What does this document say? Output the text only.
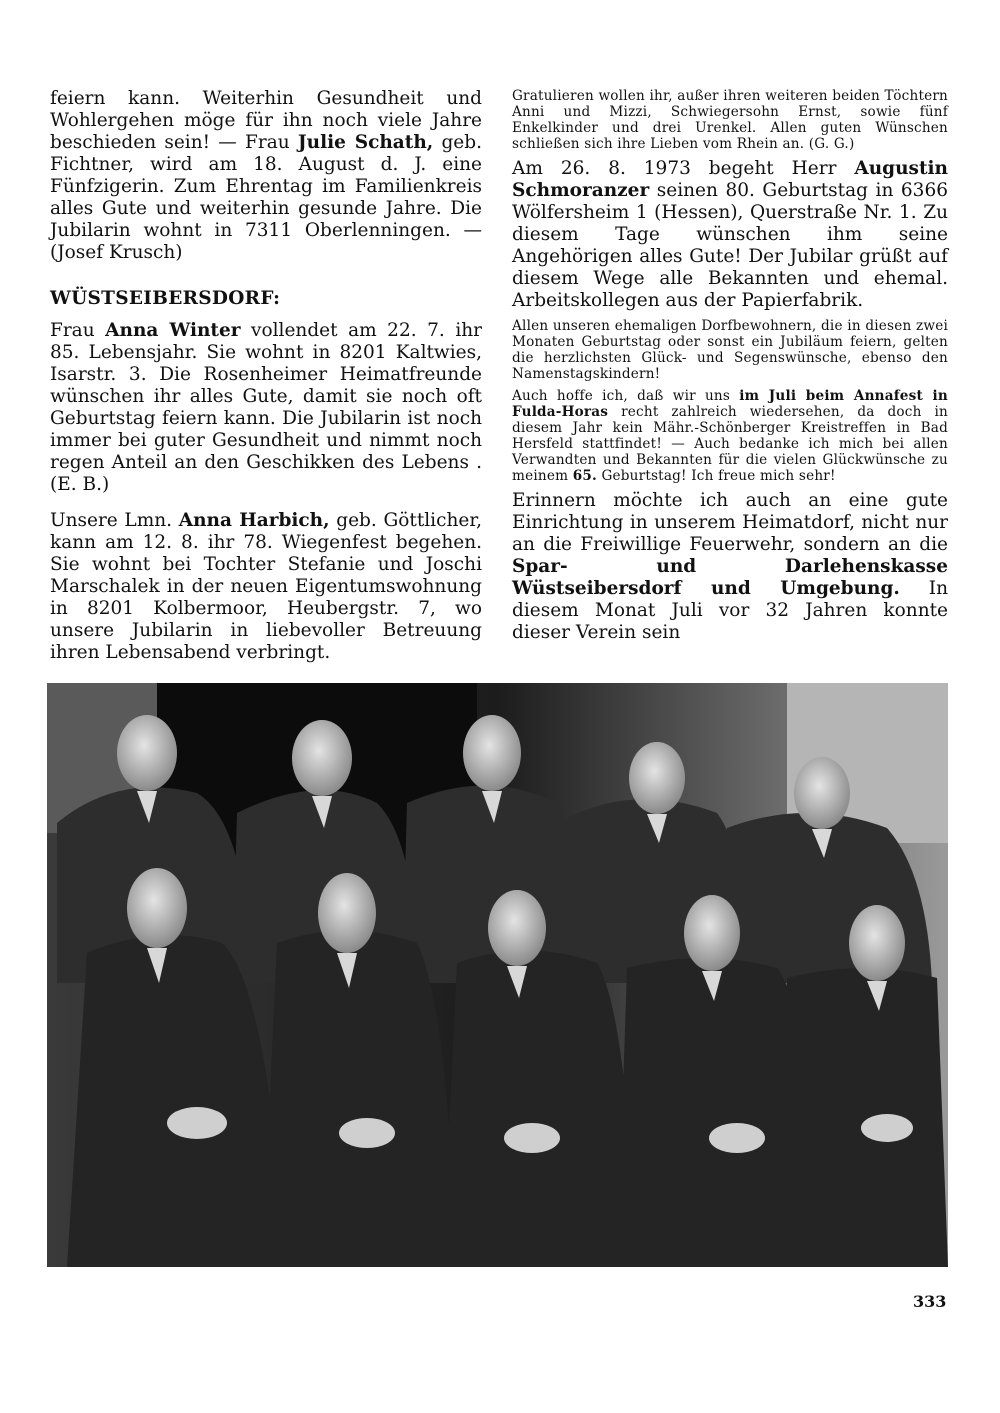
feiern kann. Weiterhin Gesundheit und Wohlergehen möge für ihn noch viele Jahre beschieden sein! — Frau Julie Schath, geb. Fichtner, wird am 18. August d. J. eine Fünfzigerin. Zum Ehrentag im Familienkreis alles Gute und weiterhin gesunde Jahre. Die Jubilarin wohnt in 7311 Oberlenningen. — (Josef Krusch)

WÜSTSEIBERSDORF:

Frau Anna Winter vollendet am 22. 7. ihr 85. Lebensjahr. Sie wohnt in 8201 Kaltwies, Isarstr. 3. Die Rosenheimer Heimatfreunde wünschen ihr alles Gute, damit sie noch oft Geburtstag feiern kann. Die Jubilarin ist noch immer bei guter Gesundheit und nimmt noch regen Anteil an den Geschikken des Lebens .(E. B.)

Unsere Lmn. Anna Harbich, geb. Göttlicher, kann am 12. 8. ihr 78. Wiegenfest begehen. Sie wohnt bei Tochter Stefanie und Joschi Marschalek in der neuen Eigentumswohnung in 8201 Kolbermoor, Heubergstr. 7, wo unsere Jubilarin in liebevoller Betreuung ihren Lebensabend verbringt.

Gratulieren wollen ihr, außer ihren weiteren beiden Töchtern Anni und Mizzi, Schwiegersohn Ernst, sowie fünf Enkelkinder und drei Urenkel. Allen guten Wünschen schließen sich ihre Lieben vom Rhein an. (G. G.)

Am 26. 8. 1973 begeht Herr Augustin Schmoranzer seinen 80. Geburtstag in 6366 Wölfersheim 1 (Hessen), Querstraße Nr. 1. Zu diesem Tage wünschen ihm seine Angehörigen alles Gute! Der Jubilar grüßt auf diesem Wege alle Bekannten und ehemal. Arbeitskollegen aus der Papierfabrik.

Allen unseren ehemaligen Dorfbewohnern, die in diesen zwei Monaten Geburtstag oder sonst ein Jubiläum feiern, gelten die herzlichsten Glück- und Segenswünsche, ebenso den Namenstagskindern!

Auch hoffe ich, daß wir uns im Juli beim Annafest in Fulda-Horas recht zahlreich wiedersehen, da doch in diesem Jahr kein Mähr.-Schönberger Kreistreffen in Bad Hersfeld stattfindet! — Auch bedanke ich mich bei allen Verwandten und Bekannten für die vielen Glückwünsche zu meinem 65. Geburtstag! Ich freue mich sehr!

Erinnern möchte ich auch an eine gute Einrichtung in unserem Heimatdorf, nicht nur an die Freiwillige Feuerwehr, sondern an die Spar- und Darlehenskasse Wüstseibersdorf und Umgebung. In diesem Monat Juli vor 32 Jahren konnte dieser Verein sein

333
